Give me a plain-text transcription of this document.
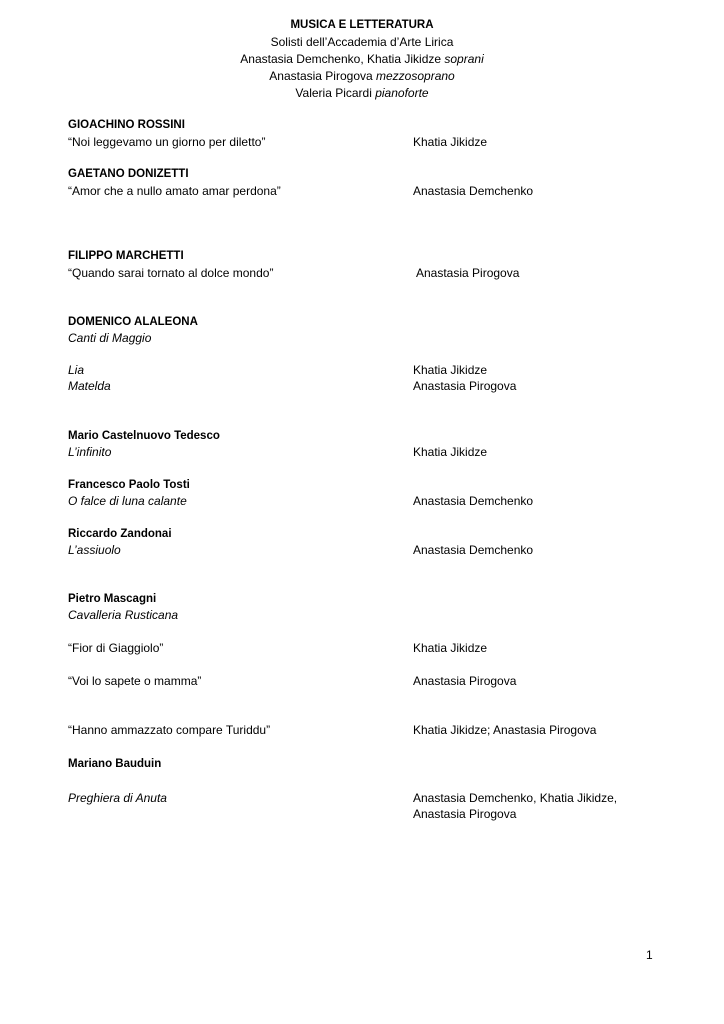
MUSICA E LETTERATURA
Solisti dell’Accademia d’Arte Lirica
Anastasia Demchenko, Khatia Jikidze soprani
Anastasia Pirogova mezzosoprano
Valeria Picardi pianoforte
GIOACHINO ROSSINI
“Noi leggevamo un giorno per diletto”	Khatia Jikidze
GAETANO DONIZETTI
“Amor che a nullo amato amar perdona”	Anastasia Demchenko
FILIPPO MARCHETTI
“Quando sarai tornato al dolce mondo”	Anastasia Pirogova
DOMENICO ALALEONA
Canti di Maggio
Lia	Khatia Jikidze
Matelda	Anastasia Pirogova
Mario Castelnuovo Tedesco
L’infinito	Khatia Jikidze
Francesco Paolo Tosti
O falce di luna calante	Anastasia Demchenko
Riccardo Zandonai
L’assiuolo	Anastasia Demchenko
Pietro Mascagni
Cavalleria Rusticana
“Fior di Giaggiolo”	Khatia Jikidze
“Voi lo sapete o mamma”	Anastasia Pirogova
“Hanno ammazzato compare Turiddu”	Khatia Jikidze; Anastasia Pirogova
Mariano Bauduin
Preghiera di Anuta	Anastasia Demchenko, Khatia Jikidze,
Anastasia Pirogova
1
